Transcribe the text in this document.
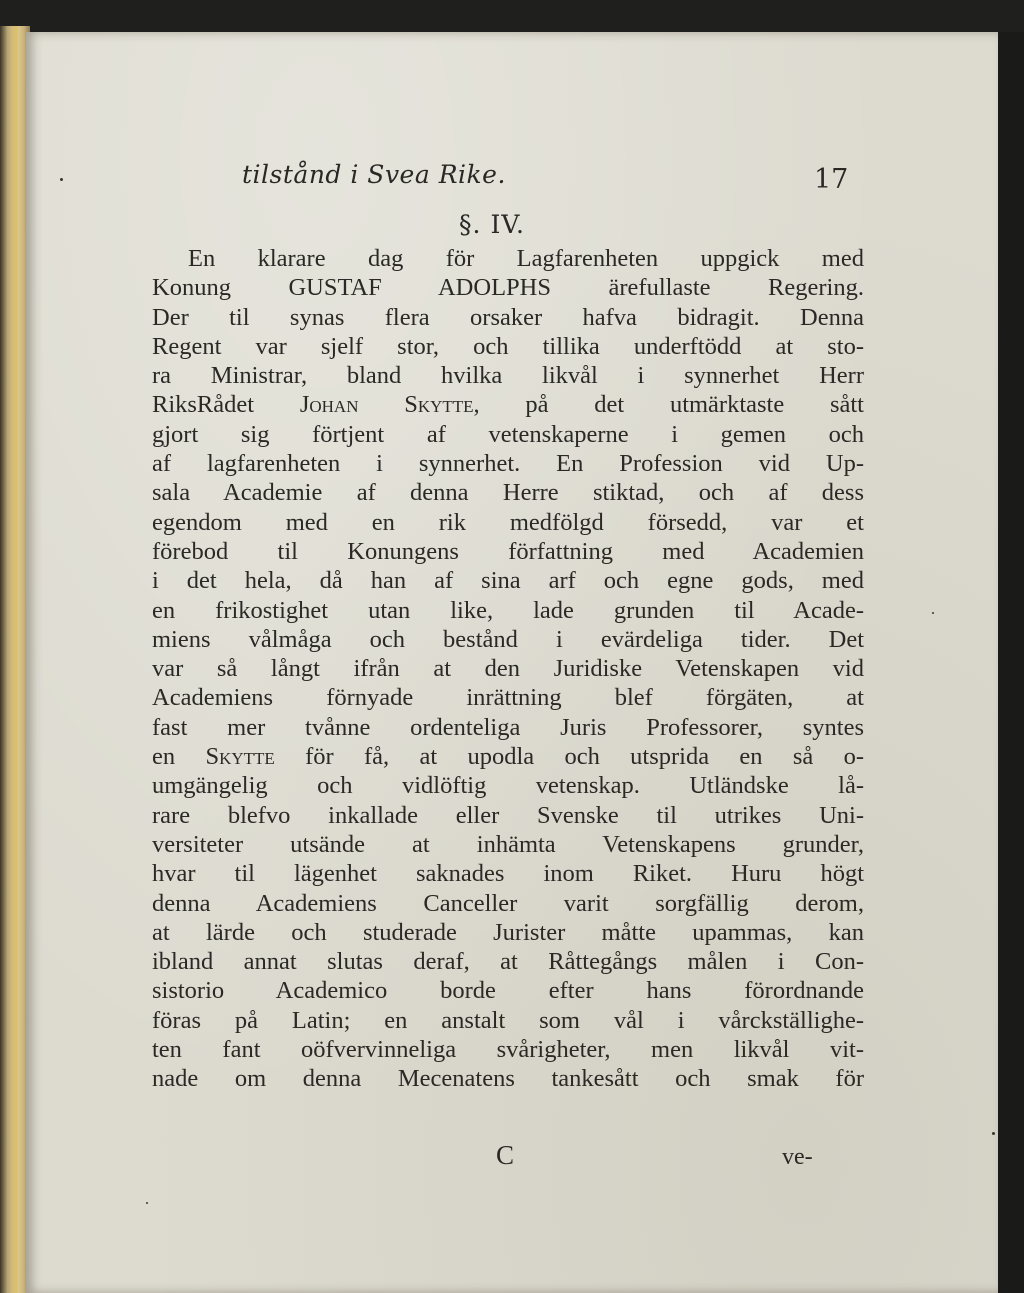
tilstånd i Svea Rike.	17
§. IV.
En klarare dag för Lagfarenheten uppgick med
Konung GUSTAF ADOLPHS ärefullaste Regering.
Der til synas flera orsaker hafva bidragit. Denna
Regent var sjelf stor, och tillika underftödd at sto-
ra Ministrar, bland hvilka likvål i synnerhet Herr
RiksRådet Johan Skytte, på det utmärktaste sått
gjort sig förtjent af vetenskaperne i gemen och
af lagfarenheten i synnerhet. En Profession vid Up-
sala Academie af denna Herre stiktad, och af dess
egendom med en rik medfölgd försedd, var et
förebod til Konungens författning med Academien
i det hela, då han af sina arf och egne gods, med
en frikostighet utan like, lade grunden til Acade-
miens vålmåga och bestånd i evärdeliga tider. Det
var så långt ifrån at den Juridiske Vetenskapen vid
Academiens förnyade inrättning blef förgäten, at
fast mer tvånne ordenteliga Juris Professorer, syntes
en Skytte för få, at upodla och utsprida en så o-
umgängelig och vidlöftig vetenskap. Utländske lå-
rare blefvo inkallade eller Svenske til utrikes Uni-
versiteter utsände at inhämta Vetenskapens grunder,
hvar til lägenhet saknades inom Riket. Huru högt
denna Academiens Canceller varit sorgfällig derom,
at lärde och studerade Jurister måtte upammas, kan
ibland annat slutas deraf, at Råttegångs målen i Con-
sistorio Academico borde efter hans förordnande
föras på Latin; en anstalt som vål i vårckställighe-
ten fant oöfvervinneliga svårigheter, men likvål vit-
nade om denna Mecenatens tankesått och smak för
C	ve-
